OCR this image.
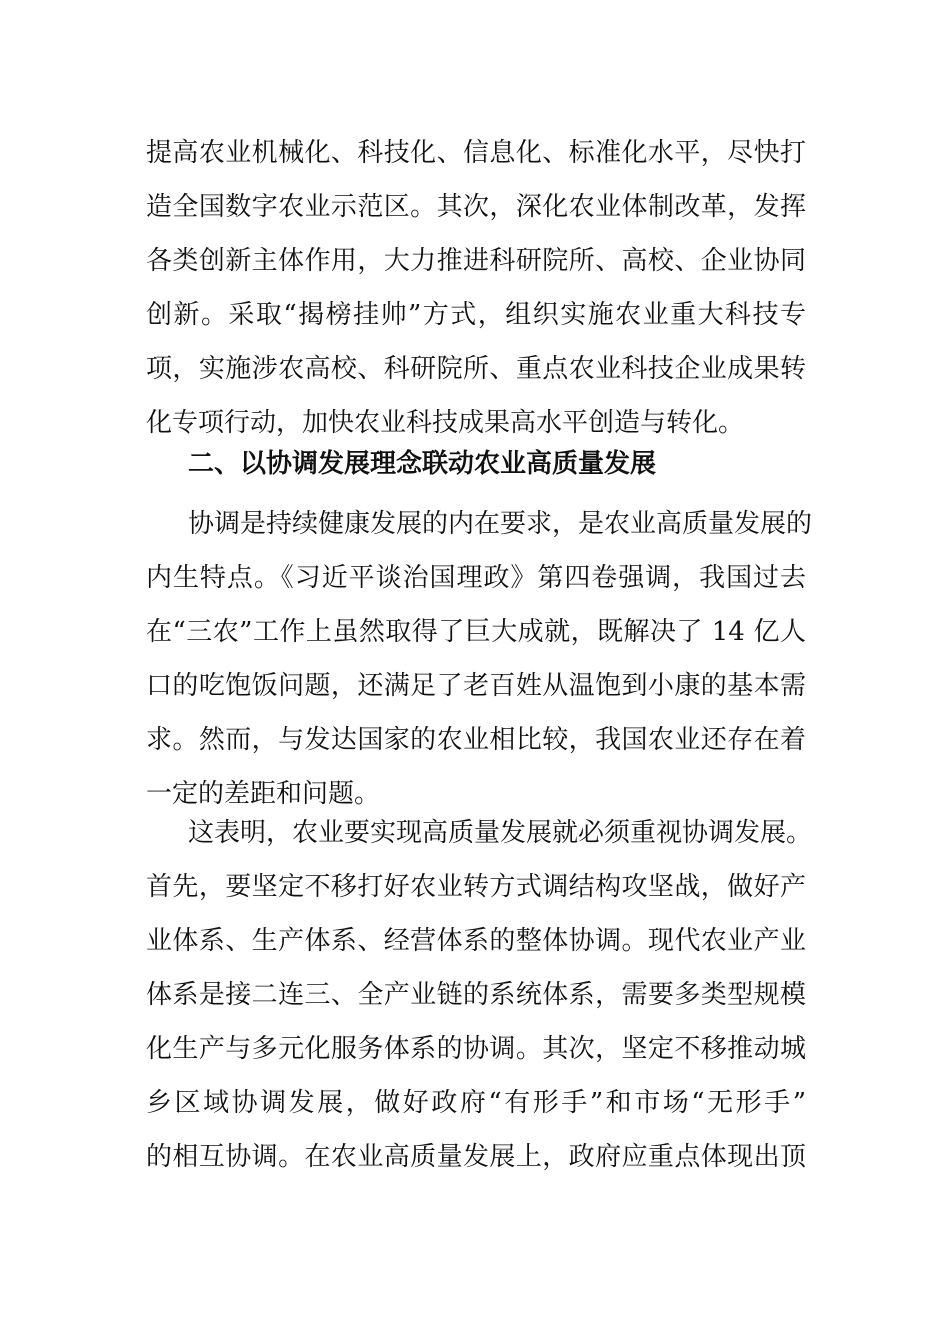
提高农业机械化、科技化、信息化、标准化水平，尽快打
造全国数字农业示范区。其次，深化农业体制改革，发挥
各类创新主体作用，大力推进科研院所、高校、企业协同
创新。采取“揭榜挂帅”方式，组织实施农业重大科技专
项，实施涉农高校、科研院所、重点农业科技企业成果转
化专项行动，加快农业科技成果高水平创造与转化。
二、以协调发展理念联动农业高质量发展
协调是持续健康发展的内在要求，是农业高质量发展的
内生特点。《习近平谈治国理政》第四卷强调，我国过去
在“三农”工作上虽然取得了巨大成就，既解决了 14 亿人
口的吃饱饭问题，还满足了老百姓从温饱到小康的基本需
求。然而，与发达国家的农业相比较，我国农业还存在着
一定的差距和问题。
这表明，农业要实现高质量发展就必须重视协调发展。
首先，要坚定不移打好农业转方式调结构攻坚战，做好产
业体系、生产体系、经营体系的整体协调。现代农业产业
体系是接二连三、全产业链的系统体系，需要多类型规模
化生产与多元化服务体系的协调。其次，坚定不移推动城
乡区域协调发展，做好政府“有形手”和市场“无形手”
的相互协调。在农业高质量发展上，政府应重点体现出顶
